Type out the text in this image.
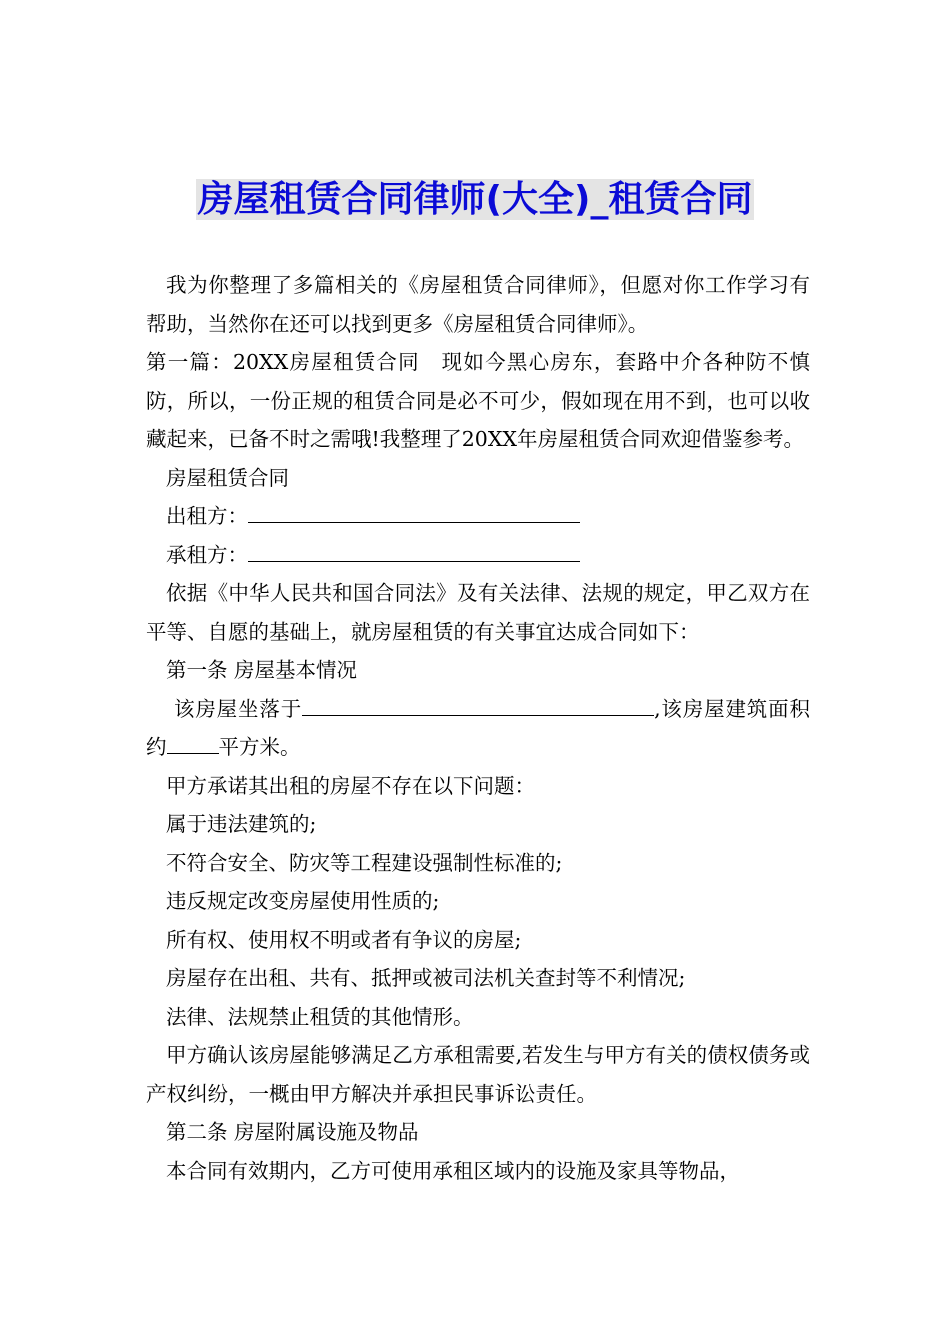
房屋租赁合同律师(大全)_租赁合同

我为你整理了多篇相关的《房屋租赁合同律师》，但愿对你工作学习有帮助，当然你在还可以找到更多《房屋租赁合同律师》。

第一篇：20XX房屋租赁合同　现如今黑心房东，套路中介各种防不慎防，所以，一份正规的租赁合同是必不可少，假如现在用不到，也可以收藏起来，已备不时之需哦!我整理了20XX年房屋租赁合同欢迎借鉴参考。

房屋租赁合同

出租方：

承租方：

依据《中华人民共和国合同法》及有关法律、法规的规定，甲乙双方在平等、自愿的基础上，就房屋租赁的有关事宜达成合同如下：

第一条 房屋基本情况

该房屋坐落于	,该房屋建筑面积约	平方米。

甲方承诺其出租的房屋不存在以下问题：

属于违法建筑的;

不符合安全、防灾等工程建设强制性标准的;

违反规定改变房屋使用性质的;

所有权、使用权不明或者有争议的房屋;

房屋存在出租、共有、抵押或被司法机关查封等不利情况;

法律、法规禁止租赁的其他情形。

甲方确认该房屋能够满足乙方承租需要,若发生与甲方有关的债权债务或产权纠纷，一概由甲方解决并承担民事诉讼责任。

第二条 房屋附属设施及物品

本合同有效期内，乙方可使用承租区域内的设施及家具等物品，
